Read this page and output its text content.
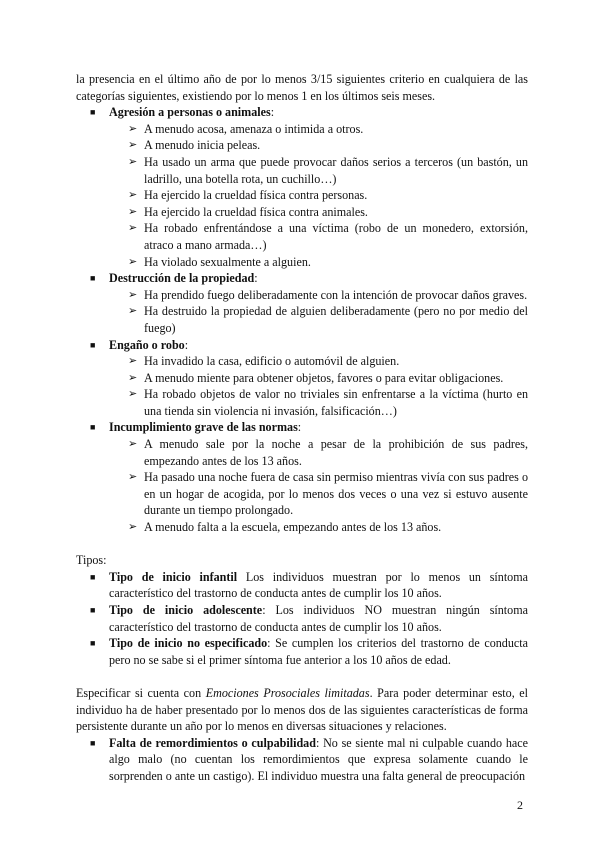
la presencia en el último año de por lo menos 3/15 siguientes criterio en cualquiera de las categorías siguientes, existiendo por lo menos 1 en los últimos seis meses.

■ Agresión a personas o animales:
➢ A menudo acosa, amenaza o intimida a otros.
➢ A menudo inicia peleas.
➢ Ha usado un arma que puede provocar daños serios a terceros (un bastón, un ladrillo, una botella rota, un cuchillo…)
➢ Ha ejercido la crueldad física contra personas.
➢ Ha ejercido la crueldad física contra animales.
➢ Ha robado enfrentándose a una víctima (robo de un monedero, extorsión, atraco a mano armada…)
➢ Ha violado sexualmente a alguien.
■ Destrucción de la propiedad:
➢ Ha prendido fuego deliberadamente con la intención de provocar daños graves.
➢ Ha destruido la propiedad de alguien deliberadamente (pero no por medio del fuego)
■ Engaño o robo:
➢ Ha invadido la casa, edificio o automóvil de alguien.
➢ A menudo miente para obtener objetos, favores o para evitar obligaciones.
➢ Ha robado objetos de valor no triviales sin enfrentarse a la víctima (hurto en una tienda sin violencia ni invasión, falsificación…)
■ Incumplimiento grave de las normas:
➢ A menudo sale por la noche a pesar de la prohibición de sus padres, empezando antes de los 13 años.
➢ Ha pasado una noche fuera de casa sin permiso mientras vivía con sus padres o en un hogar de acogida, por lo menos dos veces o una vez si estuvo ausente durante un tiempo prolongado.
➢ A menudo falta a la escuela, empezando antes de los 13 años.

Tipos:

■ Tipo de inicio infantil Los individuos muestran por lo menos un síntoma característico del trastorno de conducta antes de cumplir los 10 años.
■ Tipo de inicio adolescente: Los individuos NO muestran ningún síntoma característico del trastorno de conducta antes de cumplir los 10 años.
■ Tipo de inicio no especificado: Se cumplen los criterios del trastorno de conducta pero no se sabe si el primer síntoma fue anterior a los 10 años de edad.

Especificar si cuenta con Emociones Prosociales limitadas. Para poder determinar esto, el individuo ha de haber presentado por lo menos dos de las siguientes características de forma persistente durante un año por lo menos en diversas situaciones y relaciones.

■ Falta de remordimientos o culpabilidad: No se siente mal ni culpable cuando hace algo malo (no cuentan los remordimientos que expresa solamente cuando le sorprenden o ante un castigo). El individuo muestra una falta general de preocupación
2
